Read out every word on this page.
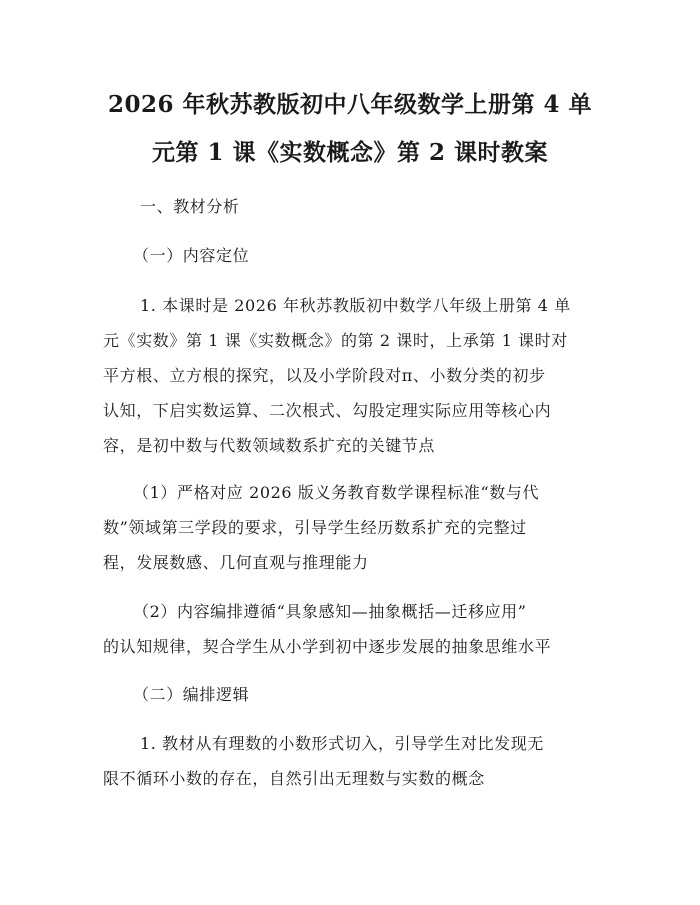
2026 年秋苏教版初中八年级数学上册第 4 单
元第 1 课《实数概念》第 2 课时教案
一、教材分析
（一）内容定位
1. 本课时是 2026 年秋苏教版初中数学八年级上册第 4 单
元《实数》第 1 课《实数概念》的第 2 课时，上承第 1 课时对
平方根、立方根的探究，以及小学阶段对π、小数分类的初步
认知，下启实数运算、二次根式、勾股定理实际应用等核心内
容，是初中数与代数领域数系扩充的关键节点
（1）严格对应 2026 版义务教育数学课程标准“数与代
数”领域第三学段的要求，引导学生经历数系扩充的完整过
程，发展数感、几何直观与推理能力
（2）内容编排遵循“具象感知—抽象概括—迁移应用”
的认知规律，契合学生从小学到初中逐步发展的抽象思维水平
（二）编排逻辑
1. 教材从有理数的小数形式切入，引导学生对比发现无
限不循环小数的存在，自然引出无理数与实数的概念
